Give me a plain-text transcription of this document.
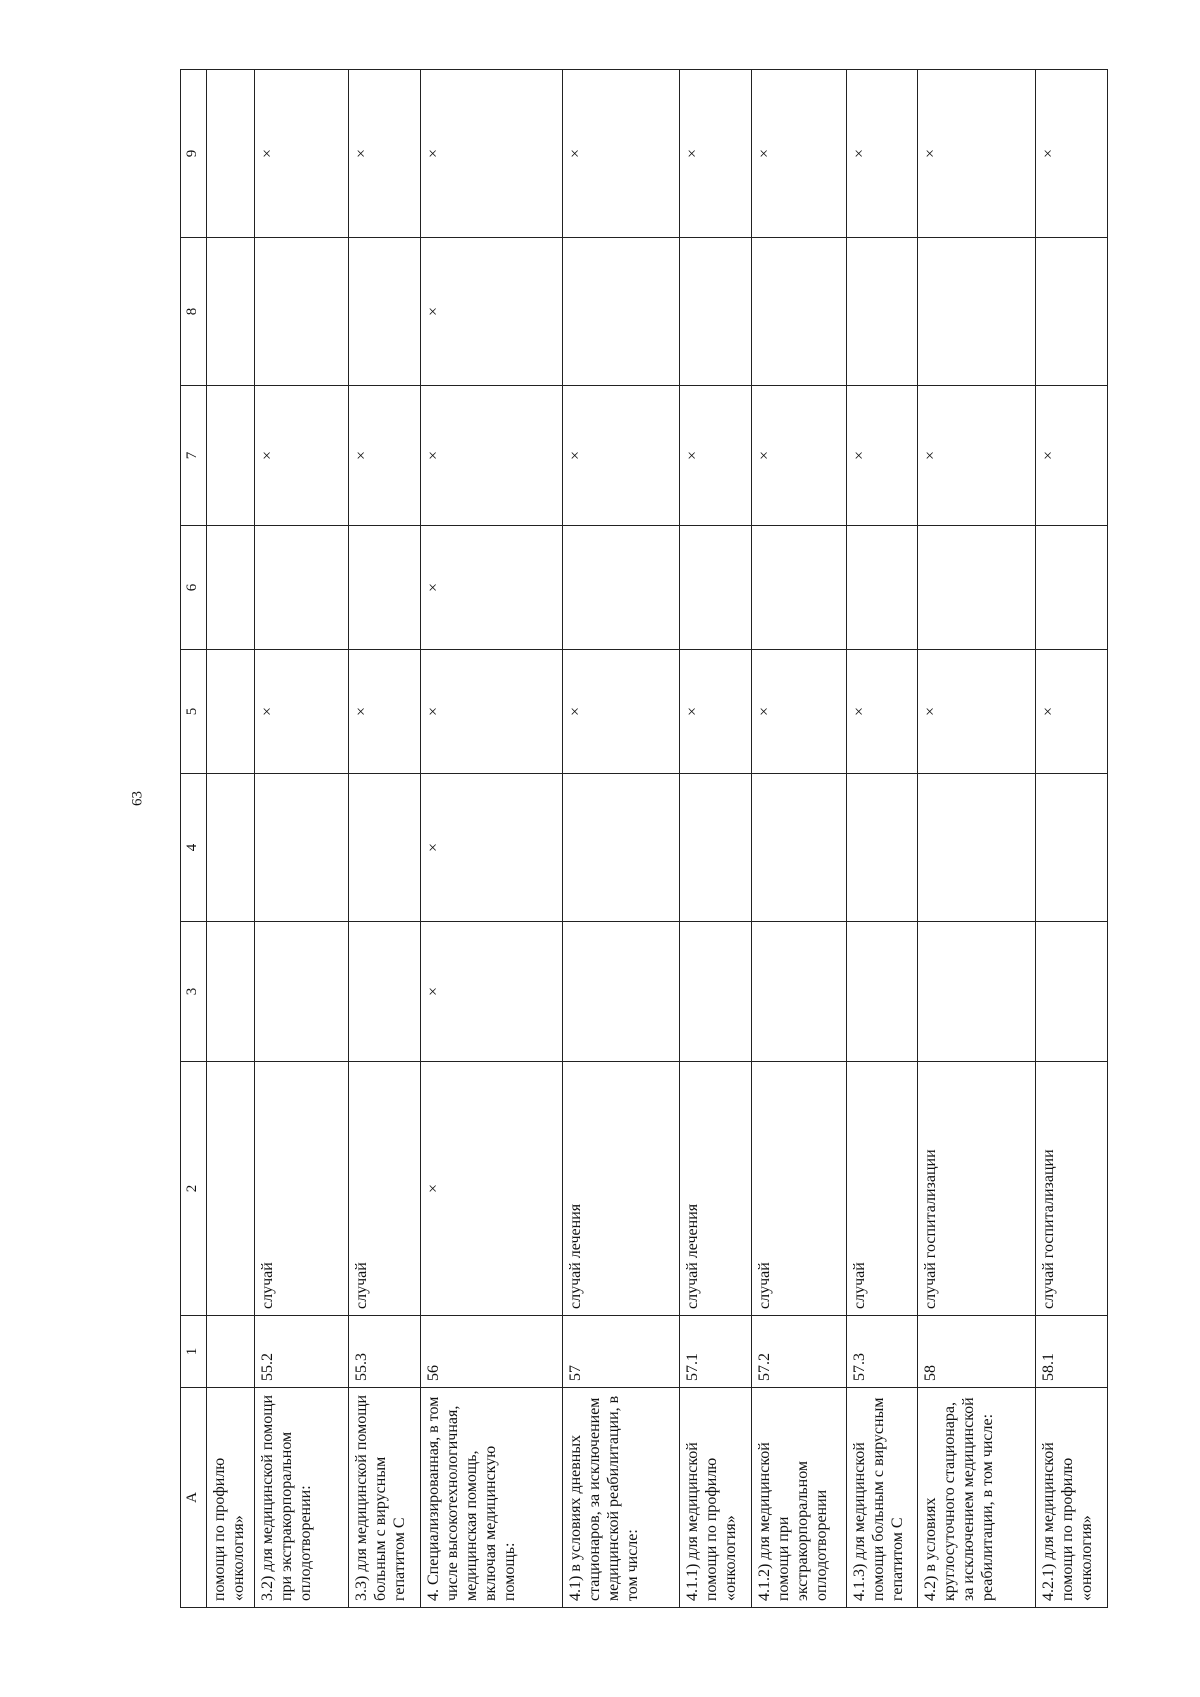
63
A	1	2	3	4	5	6	7	8	9
помощи по профилю «онкология»									
3.2) для медицинской помощи при экстракорпоральном оплодотворении:	55.2	случай			×		×		×
3.3) для медицинской помощи больным с вирусным гепатитом С	55.3	случай			×		×		×
4. Специализированная, в том числе высокотехнологичная, медицинская помощь, включая медицинскую помощь:	56	×	×	×	×	×	×	×	×
4.1) в условиях дневных стационаров, за исключением медицинской реабилитации, в том числе:	57	случай лечения			×		×		×
4.1.1) для медицинской помощи по профилю «онкология»	57.1	случай лечения			×		×		×
4.1.2) для медицинской помощи при экстракорпоральном оплодотворении	57.2	случай			×		×		×
4.1.3) для медицинской помощи больным с вирусным гепатитом С	57.3	случай			×		×		×
4.2) в условиях круглосуточного стационара, за исключением медицинской реабилитации, в том числе:	58	случай госпитализации			×		×		×
4.2.1) для медицинской помощи по профилю «онкология»	58.1	случай госпитализации			×		×		×
